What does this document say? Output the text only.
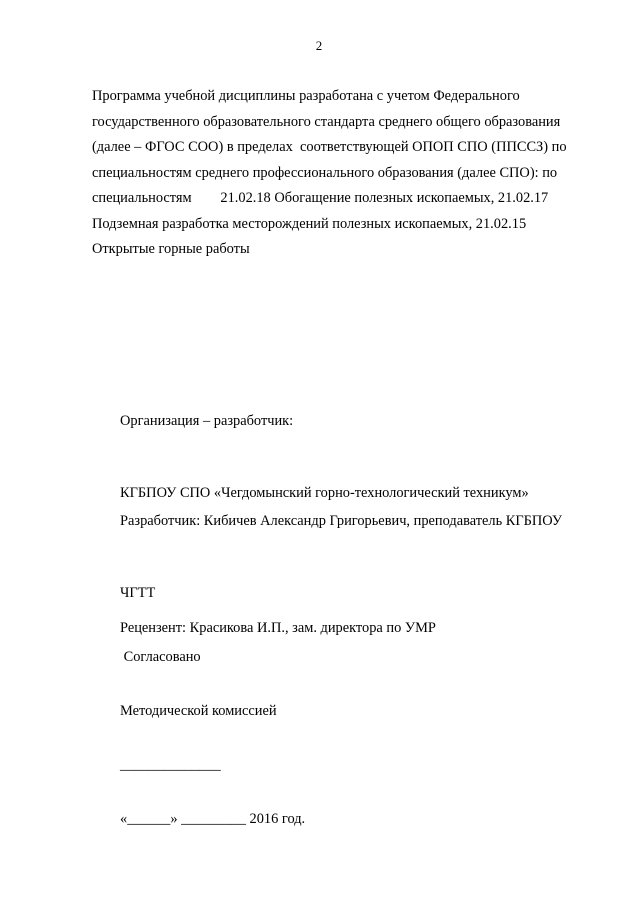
2
Программа учебной дисциплины разработана с учетом Федерального
государственного образовательного стандарта среднего общего образования
(далее – ФГОС СОО) в пределах  соответствующей ОПОП СПО (ППССЗ) по
специальностям среднего профессионального образования (далее СПО): по
специальностям        21.02.18 Обогащение полезных ископаемых, 21.02.17
Подземная разработка месторождений полезных ископаемых, 21.02.15
Открытые горные работы

Организация – разработчик:

КГБПОУ СПО «Чегдомынский горно-технологический техникум»

Разработчик: Кибичев Александр Григорьевич, преподаватель КГБПОУ

ЧГТТ

Рецензент: Красикова И.П., зам. директора по УМР

Согласовано

Методической комиссией

______________

«______» _________ 2016 год.
